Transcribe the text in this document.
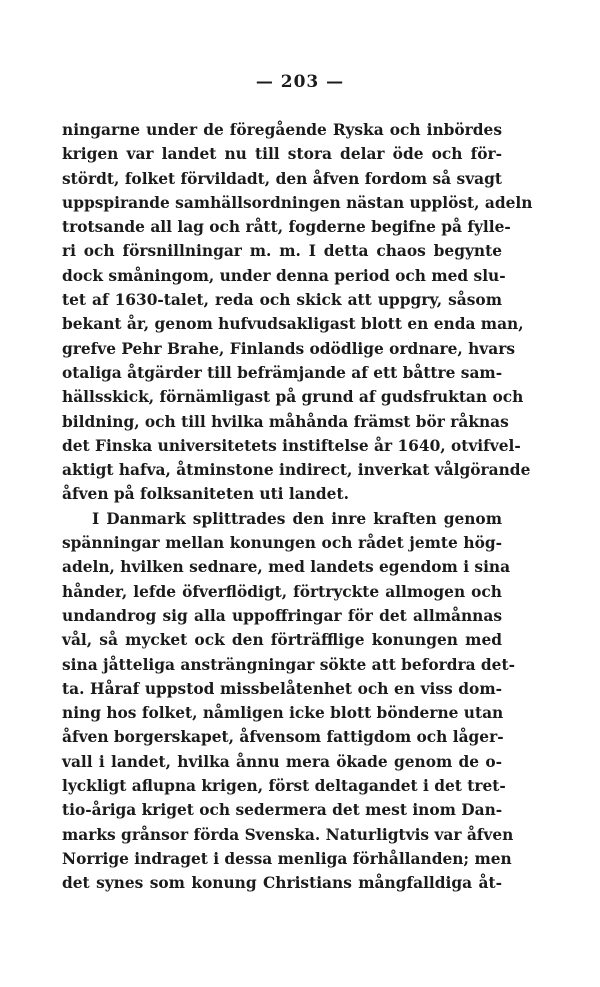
— 203 —
ningarne under de föregående Ryska och inbördes
krigen var landet nu till stora delar öde och för-
stördt, folket förvildadt, den åfven fordom så svagt
uppspirande samhällsordningen nästan upplöst, adeln
trotsande all lag och rått, fogderne begifne på fylle-
ri och försnillningar m. m. I detta chaos begynte
dock småningom, under denna period och med slu-
tet af 1630-talet, reda och skick att uppgry, såsom
bekant år, genom hufvudsakligast blott en enda man,
grefve Pehr Brahe, Finlands odödlige ordnare, hvars
otaliga åtgärder till befrämjande af ett båttre sam-
hällsskick, förnämligast på grund af gudsfruktan och
bildning, och till hvilka måhånda främst bör råknas
det Finska universitetets instiftelse år 1640, otvifvel-
aktigt hafva, åtminstone indirect, inverkat vålgörande
åfven på folksaniteten uti landet.
I Danmark splittrades den inre kraften genom
spänningar mellan konungen och rådet jemte hög-
adeln, hvilken sednare, med landets egendom i sina
hånder, lefde öfverflödigt, förtryckte allmogen och
undandrog sig alla uppoffringar för det allmånnas
vål, så mycket ock den förträfflige konungen med
sina jåtteliga ansträngningar sökte att befordra det-
ta. Håraf uppstod missbelåtenhet och en viss dom-
ning hos folket, nåmligen icke blott bönderne utan
åfven borgerskapet, åfvensom fattigdom och låger-
vall i landet, hvilka ånnu mera ökade genom de o-
lyckligt aflupna krigen, först deltagandet i det tret-
tio-åriga kriget och sedermera det mest inom Dan-
marks grånsor förda Svenska. Naturligtvis var åfven
Norrige indraget i dessa menliga förhållanden; men
det synes som konung Christians mångfalldiga åt-
